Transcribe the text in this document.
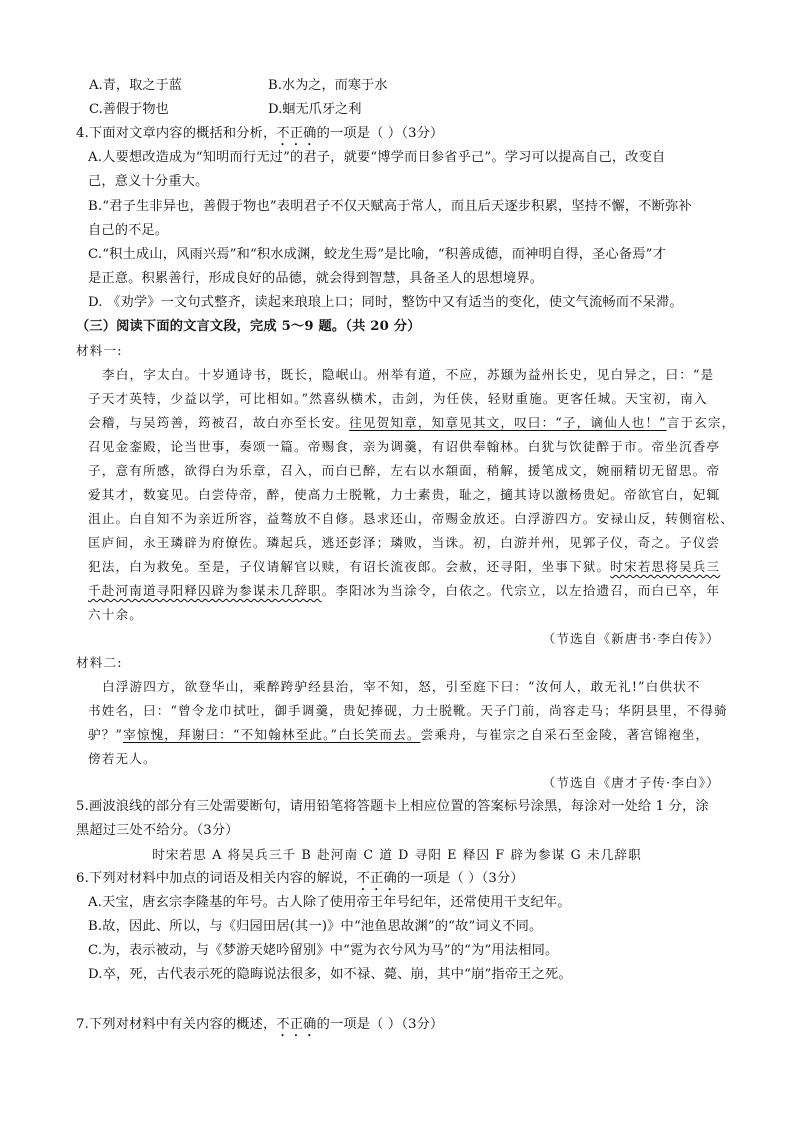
A.青，取之于蓝	B.水为之，而寒于水
C.善假于物也	D.蛔无爪牙之利
4.下面对文章内容的概括和分析，不正确的一项是（ ）（3分）
A.人要想改造成为“知明而行无过”的君子，就要“博学而日参省乎己”。学习可以提高自己，改变自
己，意义十分重大。
B.“君子生非异也，善假于物也”表明君子不仅天赋高于常人，而且后天逐步积累，坚持不懈，不断弥补
自己的不足。
C.“积土成山，风雨兴焉”和“积水成渊，蛟龙生焉”是比喻，“积善成德，而神明自得，圣心备焉”才
是正意。积累善行，形成良好的品德，就会得到智慧，具备圣人的思想境界。
D. 《劝学》一文句式整齐，读起来琅琅上口；同时，整饬中又有适当的变化，使文气流畅而不呆滞。
（三）阅读下面的文言文段，完成 5～9 题。（共 20 分）
材料一:
李白，字太白。十岁通诗书，既长，隐岷山。州举有道，不应，苏颋为益州长史，见白异之，曰：“是
子天才英特，少益以学，可比相如。”然喜纵横术，击剑，为任侠，轻财重施。更客任城。天宝初，南入
会稽，与吴筠善，筠被召，故白亦至长安。往见贺知章，知章见其文，叹曰：“子，谪仙人也！”言于玄宗，
召见金銮殿，论当世事，奏颂一篇。帝赐食，亲为调羹，有诏供奉翰林。白犹与饮徒醉于市。帝坐沉香亭
子，意有所感，欲得白为乐章，召入，而白已醉，左右以水頮面，稍解，援笔成文，婉丽精切无留思。帝
爱其才，数宴见。白尝侍帝，醉，使高力士脱靴，力士素贵，耻之，擿其诗以激杨贵妃。帝欲官白，妃辄
沮止。白自知不为亲近所容，益骜放不自修。恳求还山，帝赐金放还。白浮游四方。安禄山反，转侧宿松、
匡庐间，永王璘辟为府僚佐。璘起兵，逃还彭泽；璘败，当诛。初，白游并州，见郭子仪，奇之。子仪尝
犯法，白为救免。至是，子仪请解官以赎，有诏长流夜郎。会赦，还寻阳，坐事下狱。时宋若思将吴兵三
千赴河南道寻阳释囚辟为参谋未几辞职。李阳冰为当涂令，白依之。代宗立，以左拾遗召，而白已卒，年
六十余。
（节选自《新唐书·李白传》）
材料二:
白浮游四方，欲登华山，乘醉跨驴经县治，宰不知，怒，引至庭下曰：“汝何人，敢无礼!”白供状不
书姓名，曰：“曾令龙巾拭吐，御手调羹，贵妃捧砚，力士脱靴。天子门前，尚容走马；华阴县里，不得骑
驴？”宰惊愧，拜谢曰：“不知翰林至此。”白长笑而去。尝乘舟，与崔宗之自采石至金陵，著宫锦袍坐，
傍若无人。
（节选自《唐才子传·李白》）
5.画波浪线的部分有三处需要断句，请用铅笔将答题卡上相应位置的答案标号涂黑，每涂对一处给 1 分，涂
黑超过三处不给分。（3分）
时宋若思 A 将吴兵三千 B 赴河南 C 道 D 寻阳 E 释囚 F 辟为参谋 G 未几辞职
6.下列对材料中加点的词语及相关内容的解说，不正确的一项是（ ）（3分）
A.天宝，唐玄宗李隆基的年号。古人除了使用帝王年号纪年，还常使用干支纪年。
B.故，因此、所以，与《归园田居(其一)》中“池鱼思故渊”的“故”词义不同。
C.为，表示被动，与《梦游天姥吟留别》中“霓为衣兮风为马”的“为”用法相同。
D.卒，死，古代表示死的隐晦说法很多，如不禄、薨、崩，其中“崩”指帝王之死。
7.下列对材料中有关内容的概述，不正确的一项是（ ）（3分）
